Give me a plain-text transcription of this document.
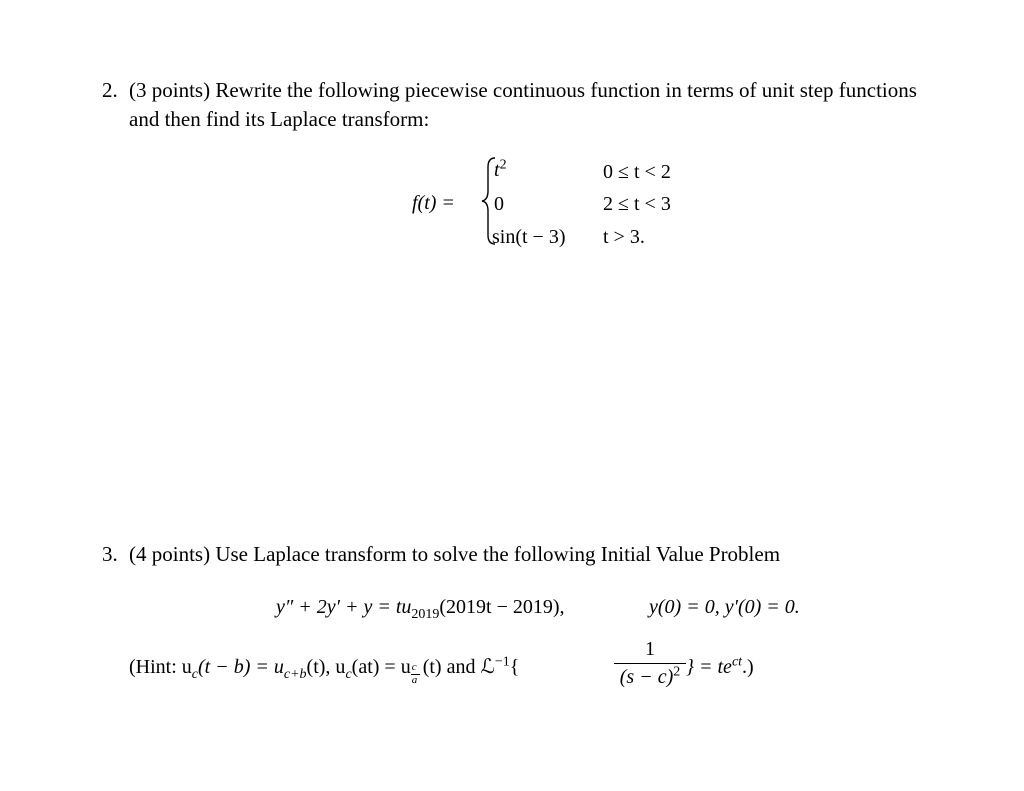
2. (3 points) Rewrite the following piecewise continuous function in terms of unit step functions
and then find its Laplace transform:
f(t) =
$t^2$	0 ≤ t < 2
0	2 ≤ t < 3
sin(t − 3) t > 3.
3. (4 points) Use Laplace transform to solve the following Initial Value Problem
$y'' + 2y' + y = tu_{2019}(2019t - 2019)$,	y(0) = 0, y′(0) = 0.
(Hint: $u_c(t - b) = u_{c+b}(t)$, $u_c(at) = u \frac{c}{a} (t)$ and ℒ$^{-1}${
1
$(s - c)^2$ } = $te^{ct}$.)
